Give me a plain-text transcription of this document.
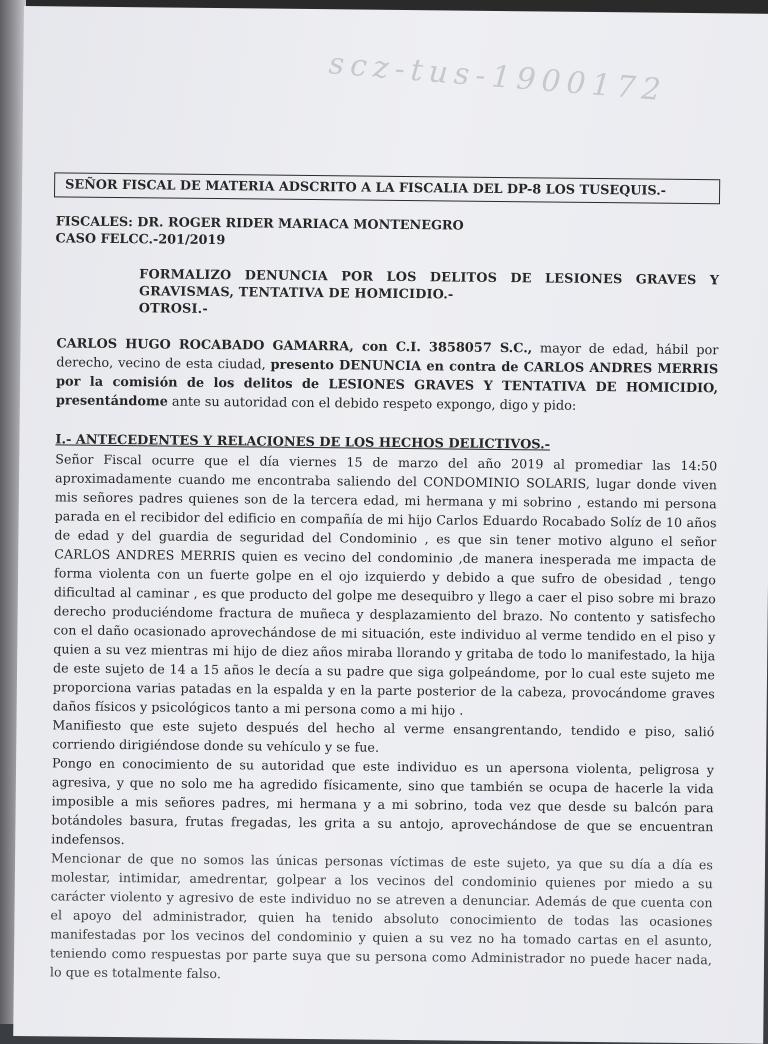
scz-tus-1900172
SEÑOR FISCAL DE MATERIA ADSCRITO A LA FISCALIA DEL DP-8 LOS TUSEQUIS.-
FISCALES: DR. ROGER RIDER MARIACA MONTENEGRO
CASO FELCC.-201/2019
FORMALIZO DENUNCIA POR LOS DELITOS DE LESIONES GRAVES Y GRAVISMAS, TENTATIVA DE HOMICIDIO.-
OTROSI.-
CARLOS HUGO ROCABADO GAMARRA, con C.I. 3858057 S.C., mayor de edad, hábil por derecho, vecino de esta ciudad, presento DENUNCIA en contra de CARLOS ANDRES MERRIS por la comisión de los delitos de LESIONES GRAVES Y TENTATIVA DE HOMICIDIO, presentándome ante su autoridad con el debido respeto expongo, digo y pido:
I.- ANTECEDENTES Y RELACIONES DE LOS HECHOS DELICTIVOS.-

Señor Fiscal ocurre que el día viernes 15 de marzo del año 2019 al promediar las 14:50 aproximadamente cuando me encontraba saliendo del CONDOMINIO SOLARIS, lugar donde viven mis señores padres quienes son de la tercera edad, mi hermana y mi sobrino , estando mi persona parada en el recibidor del edificio en compañía de mi hijo Carlos Eduardo Rocabado Solíz de 10 años de edad y del guardia de seguridad del Condominio , es que sin tener motivo alguno el señor CARLOS ANDRES MERRIS quien es vecino del condominio ,de manera inesperada me impacta de forma violenta con un fuerte golpe en el ojo izquierdo y debido a que sufro de obesidad , tengo dificultad al caminar , es que producto del golpe me desequibro y llego a caer el piso sobre mi brazo derecho produciéndome fractura de muñeca y desplazamiento del brazo. No contento y satisfecho con el daño ocasionado aprovechándose de mi situación, este individuo al verme tendido en el piso y quien a su vez mientras mi hijo de diez años miraba llorando y gritaba de todo lo manifestado, la hija de este sujeto de 14 a 15 años le decía a su padre que siga golpeándome, por lo cual este sujeto me proporciona varias patadas en la espalda y en la parte posterior de la cabeza, provocándome graves daños físicos y psicológicos tanto a mi persona como a mi hijo .

Manifiesto que este sujeto después del hecho al verme ensangrentando, tendido e piso, salió corriendo dirigiéndose donde su vehículo y se fue.

Pongo en conocimiento de su autoridad que este individuo es un apersona violenta, peligrosa y agresiva, y que no solo me ha agredido físicamente, sino que también se ocupa de hacerle la vida imposible a mis señores padres, mi hermana y a mi sobrino, toda vez que desde su balcón para botándoles basura, frutas fregadas, les grita a su antojo, aprovechándose de que se encuentran indefensos.

Mencionar de que no somos las únicas personas víctimas de este sujeto, ya que su día a día es molestar, intimidar, amedrentar, golpear a los vecinos del condominio quienes por miedo a su carácter violento y agresivo de este individuo no se atreven a denunciar. Además de que cuenta con el apoyo del administrador, quien ha tenido absoluto conocimiento de todas las ocasiones manifestadas por los vecinos del condominio y quien a su vez no ha tomado cartas en el asunto, teniendo como respuestas por parte suya que su persona como Administrador no puede hacer nada, lo que es totalmente falso.
